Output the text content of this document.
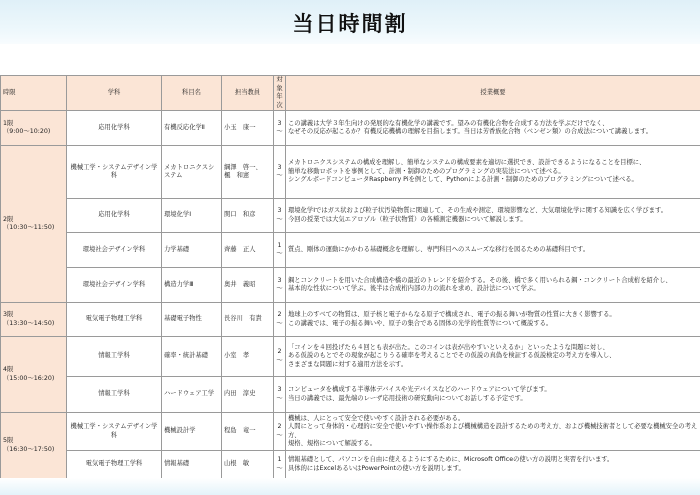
当日時間割
時限	学科	科目名	担当教員	対象
年次	授業概要

1限
（9:00～10:20)	応用化学科	有機反応化学Ⅱ	小玉　康一	3～	この講義は大学３年生向けの発展的な有機化学の講義です。望みの有機化合物を合成する方法を学ぶだけでなく、
なぜその反応が起こるか？有機反応機構の理解を目指します。当日は芳香族化合物（ベンゼン類）の合成法について講義します。

2限
（10:30～11:50)	機械工学・システムデザイン学科	メカトロニクスシステム	綱澤　啓一、
楓　和憲	3～	メカトロニクスシステムの構成を理解し、簡単なシステムの構成要素を適切に選択でき、設計できるようになることを目標に、
簡単な移動ロボットを事例として、計測・制御のためのプログラミングの実装法について述べる。
シングルボードコンピュータRaspberry Piを例として、Pythonによる計測・制御のためのプログラミングについて述べる。

	応用化学科	環境化学Ⅰ	関口　和彦	3～	環境化学Ⅰではガス状および粒子状汚染物質に関連して、その生成や測定、環境影響など、大気環境化学に関する知識を広く学びます。
今回の授業では大気エアロゾル（粒子状物質）の各種測定機器について解説します。

	環境社会デザイン学科	力学基礎	齊藤　正人	1～	質点、剛体の運動にかかわる基礎概念を理解し、専門科目へのスムーズな移行を図るための基礎科目です。
	環境社会デザイン学科	構造力学Ⅲ	奥井　義昭	3～	鋼とコンクリートを用いた合成構造や橋の最近のトレンドを紹介する。その後、橋で多く用いられる鋼・コンクリート合成桁を紹介し、
基本的な性状について学ぶ。後半は合成桁内部の力の流れを求め、設計法について学ぶ。

3限
（13:30～14:50)	電気電子物理工学科	基礎電子物性	長谷川　有貴	2～	地球上のすべての物質は、原子核と電子からなる原子で構成され、電子の振る舞いが物質の性質に大きく影響する。
この講義では、電子の振る舞いや、原子の集合である固体の光学的性質等について概説する。

4限
（15:00～16:20)	情報工学科	確率・統計基礎	小室　孝	2～	「コインを４回投げたら４回とも表が出た。このコインは表が出やすいといえるか」といったような問題に対し、
ある仮説のもとでその現象が起こりうる確率を考えることでその仮説の真偽を検証する仮説検定の考え方を導入し、
さまざまな問題に対する適用方法を示す。

	情報工学科	ハードウェア工学	内田　淳史	3～	コンピュータを構成する半導体デバイスや光デバイスなどのハードウェアについて学びます。
当日の講義では、最先端のレーザ応用技術の研究動向についてお話しする予定です。

5限
（16:30～17:50)	機械工学・システムデザイン学科	機械設計学	程島　竜一	2～	機械は、人にとって安全で使いやすく設計される必要がある。
人間にとって身体的・心理的に安全で使いやすい操作系および機械構造を設計するための考え方、および機械技術者として必要な機械安全の考え方、
規格、規格について解説する。

	電気電子物理工学科	情報基礎	山根　敏	1～	情報基礎として、パソコンを自由に使えるようにするために、Microsoft Officeの使い方の説明と実習を行います。
具体的にはExcelあるいはPowerPointの使い方を説明します。
